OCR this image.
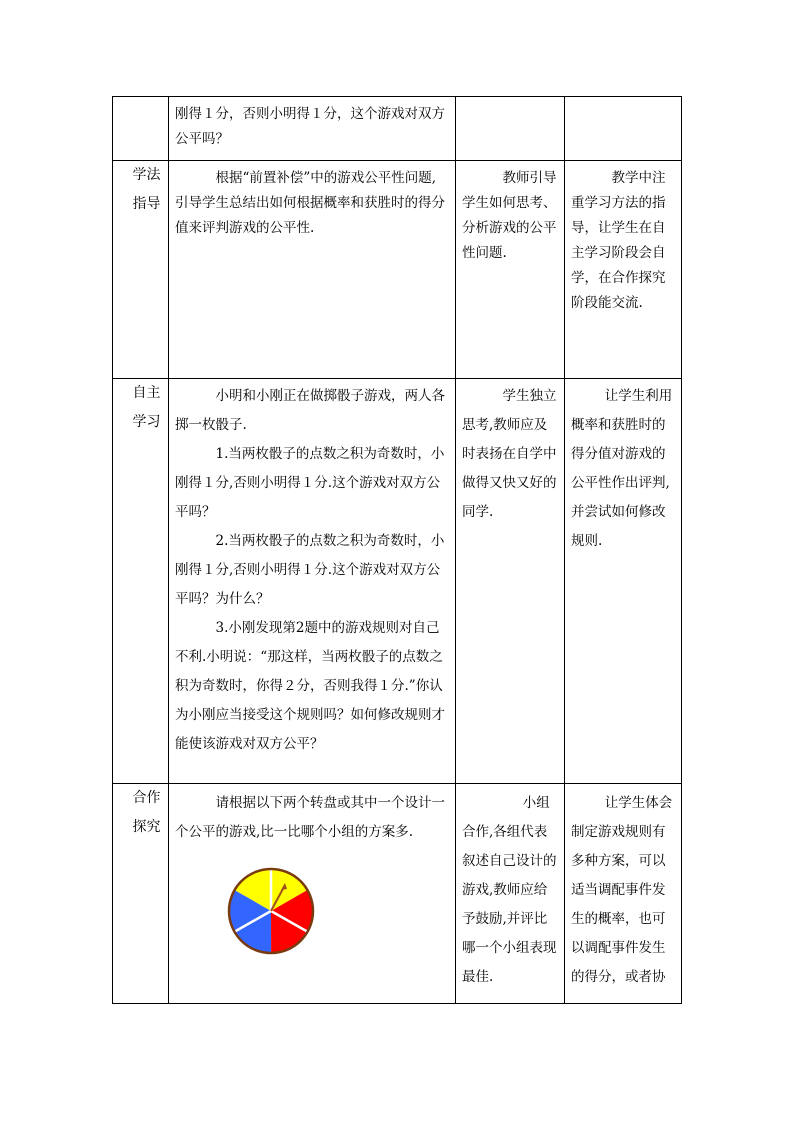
	刚得１分，否则小明得１分，这个游戏对双方公平吗？		

学法指导	根据“前置补偿”中的游戏公平性问题,引导学生总结出如何根据概率和获胜时的得分值来评判游戏的公平性.	教师引导学生如何思考、分析游戏的公平性问题.	教学中注重学习方法的指导，让学生在自主学习阶段会自学，在合作探究阶段能交流.

自主学习	小明和小刚正在做掷骰子游戏，两人各掷一枚骰子.

1.当两枚骰子的点数之积为奇数时，小刚得１分,否则小明得１分.这个游戏对双方公平吗？

2.当两枚骰子的点数之积为奇数时，小刚得１分,否则小明得１分.这个游戏对双方公平吗？为什么？

3.小刚发现第2题中的游戏规则对自己不利.小明说：“那这样，当两枚骰子的点数之积为奇数时，你得２分，否则我得１分.”你认为小刚应当接受这个规则吗？如何修改规则才能使该游戏对双方公平？	学生独立思考,教师应及时表扬在自学中做得又快又好的同学.	让学生利用概率和获胜时的得分值对游戏的公平性作出评判,并尝试如何修改规则.

合作探究	请根据以下两个转盘或其中一个设计一个公平的游戏,比一比哪个小组的方案多.	小组合作,各组代表叙述自己设计的游戏,教师应给予鼓励,并评比哪一个小组表现最佳.	让学生体会制定游戏规则有多种方案，可以适当调配事件发生的概率，也可以调配事件发生的得分，或者协
